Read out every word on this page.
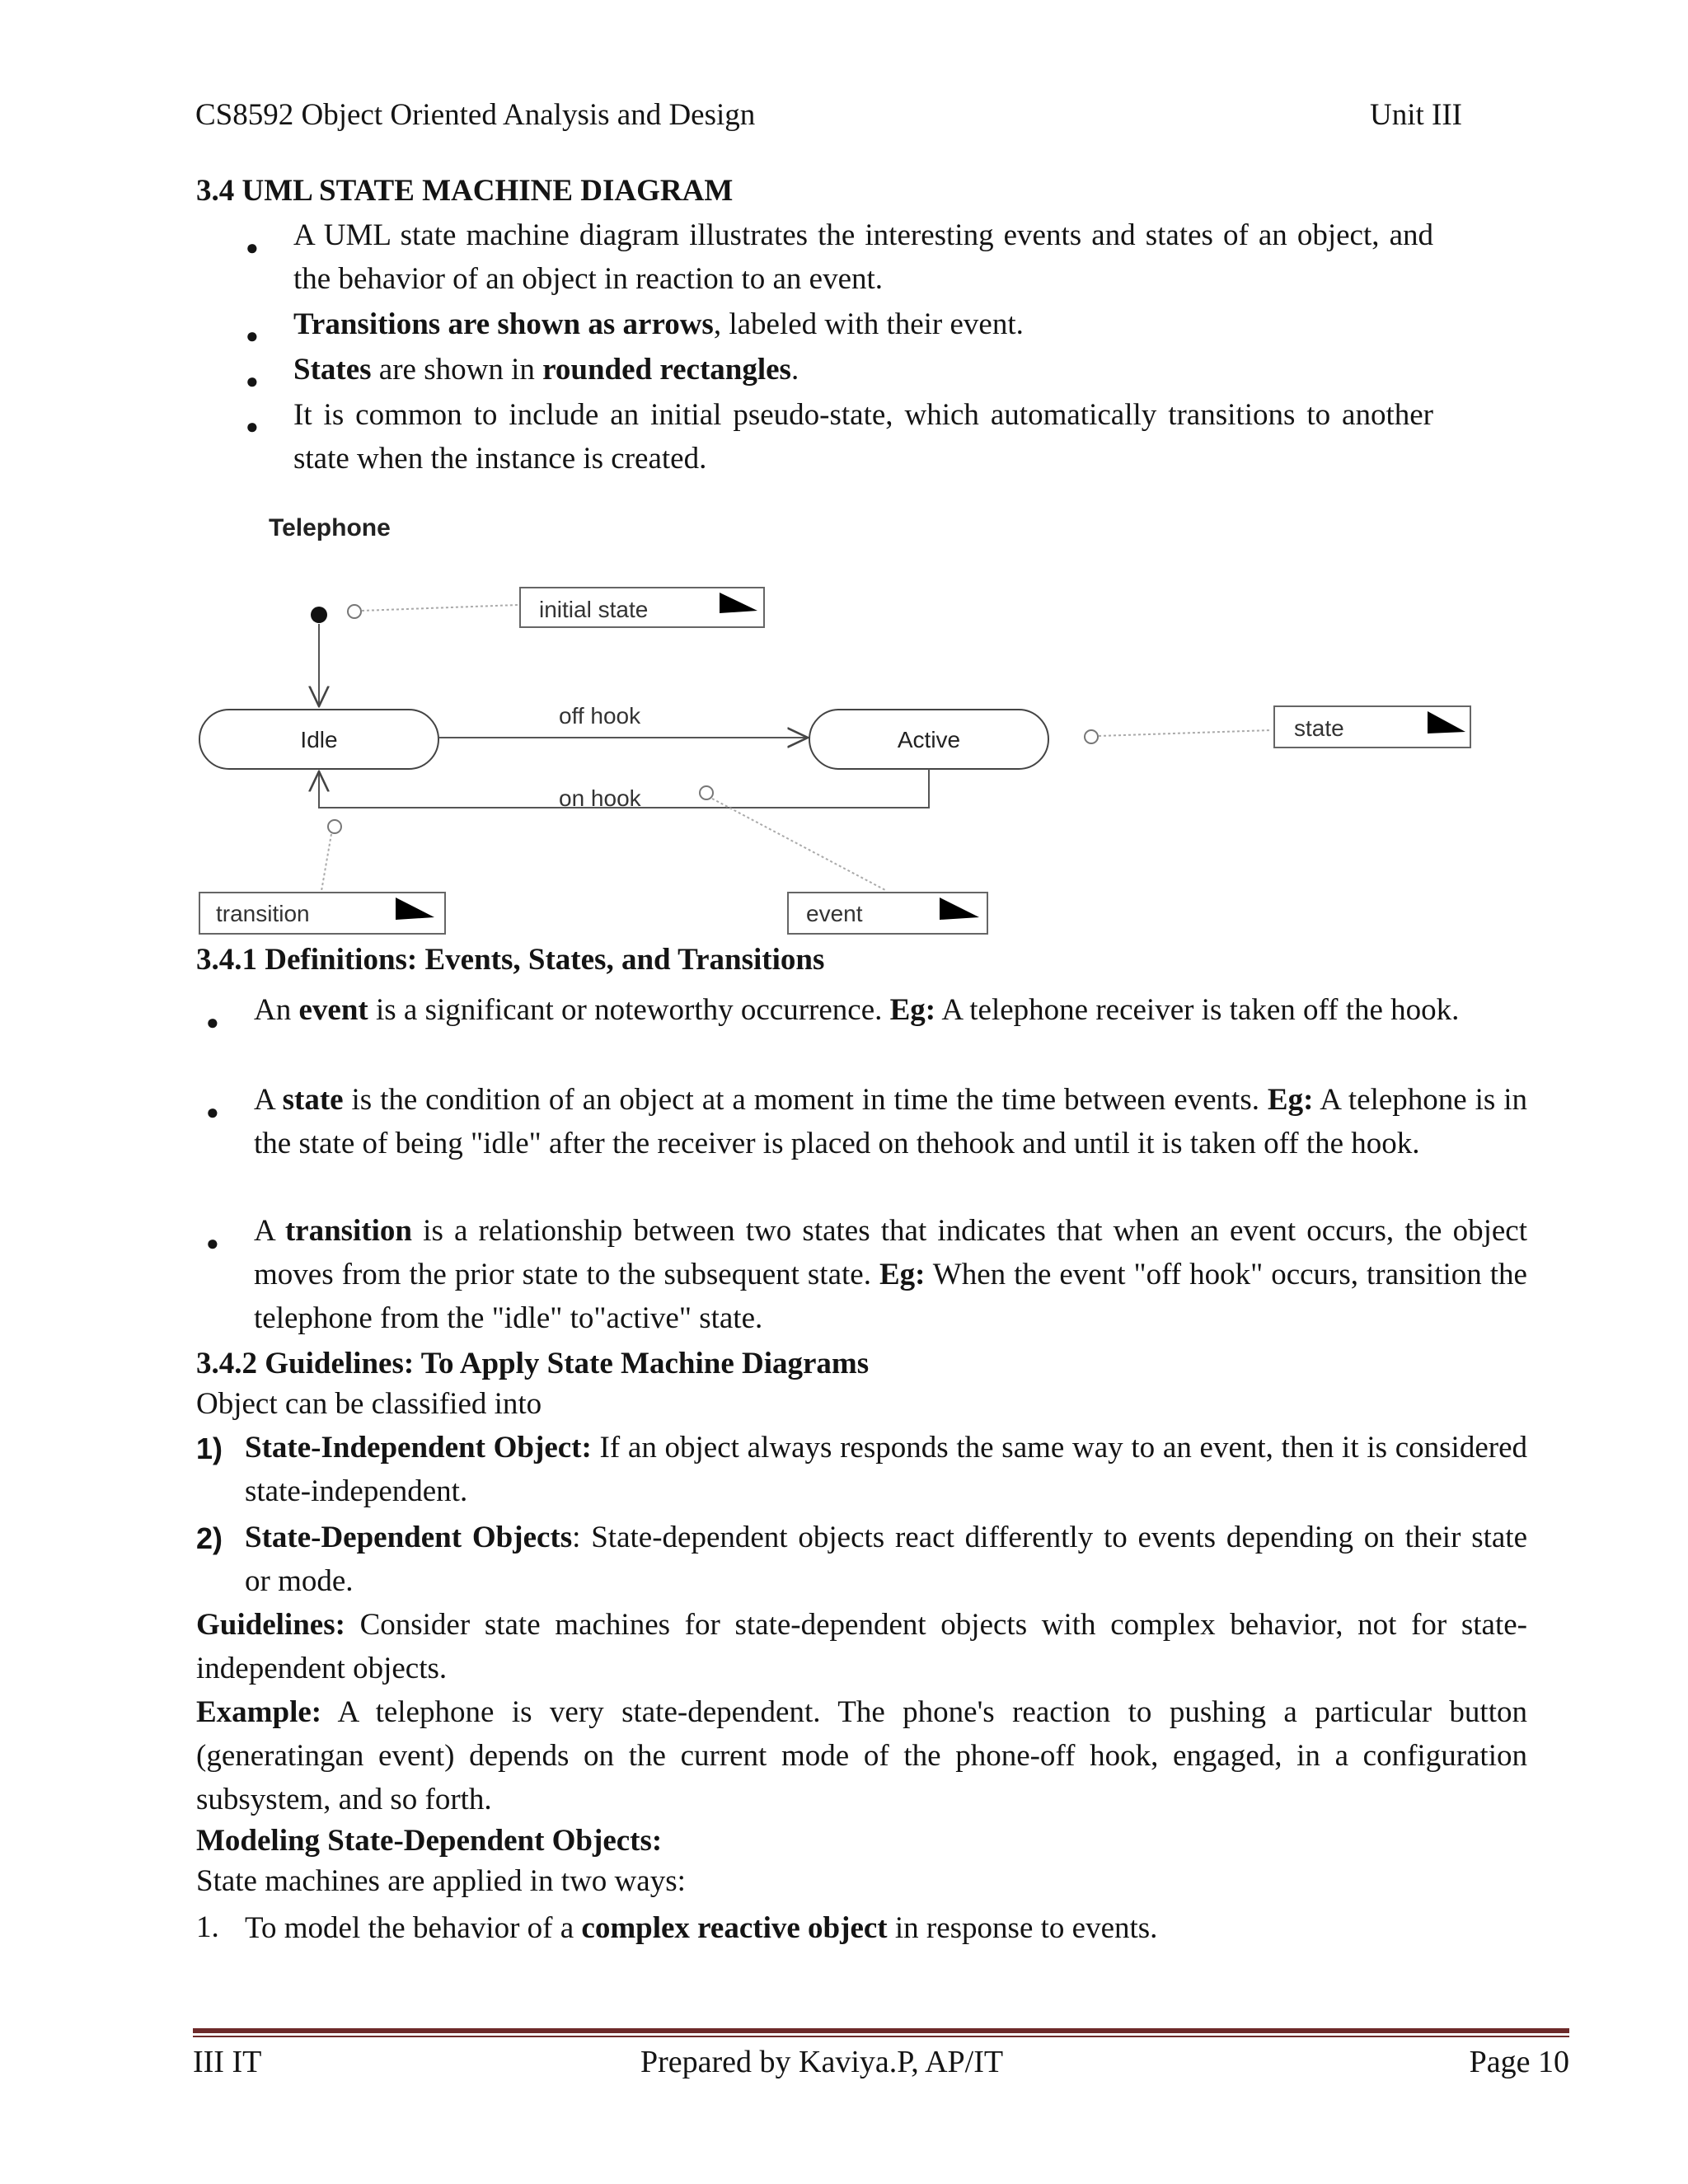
CS8592 Object Oriented Analysis and Design	Unit III
3.4 UML STATE MACHINE DIAGRAM
● A UML state machine diagram illustrates the interesting events and states of an object, and the behavior of an object in reaction to an event.
● Transitions are shown as arrows, labeled with their event.
● States are shown in rounded rectangles.
● It is common to include an initial pseudo-state, which automatically transitions to another state when the instance is created.
Telephone
initial state
Idle	Active
off hook
on hook
state
transition	event
3.4.1 Definitions: Events, States, and Transitions
● An event is a significant or noteworthy occurrence. Eg: A telephone receiver is taken off the hook.
● A state is the condition of an object at a moment in time the time between events. Eg: A telephone is in the state of being "idle" after the receiver is placed on thehook and until it is taken off the hook.
● A transition is a relationship between two states that indicates that when an event occurs, the object moves from the prior state to the subsequent state. Eg: When the event "off hook" occurs, transition the telephone from the "idle" to"active" state.
3.4.2 Guidelines: To Apply State Machine Diagrams
Object can be classified into
1) State-Independent Object: If an object always responds the same way to an event, then it is considered state-independent.
2) State-Dependent Objects: State-dependent objects react differently to events depending on their state or mode.
Guidelines: Consider state machines for state-dependent objects with complex behavior, not for state-independent objects.
Example: A telephone is very state-dependent. The phone's reaction to pushing a particular button (generatingan event) depends on the current mode of the phone-off hook, engaged, in a configuration subsystem, and so forth.
Modeling State-Dependent Objects:
State machines are applied in two ways:
1. To model the behavior of a complex reactive object in response to events.
III IT	Prepared by Kaviya.P, AP/IT	Page 10
